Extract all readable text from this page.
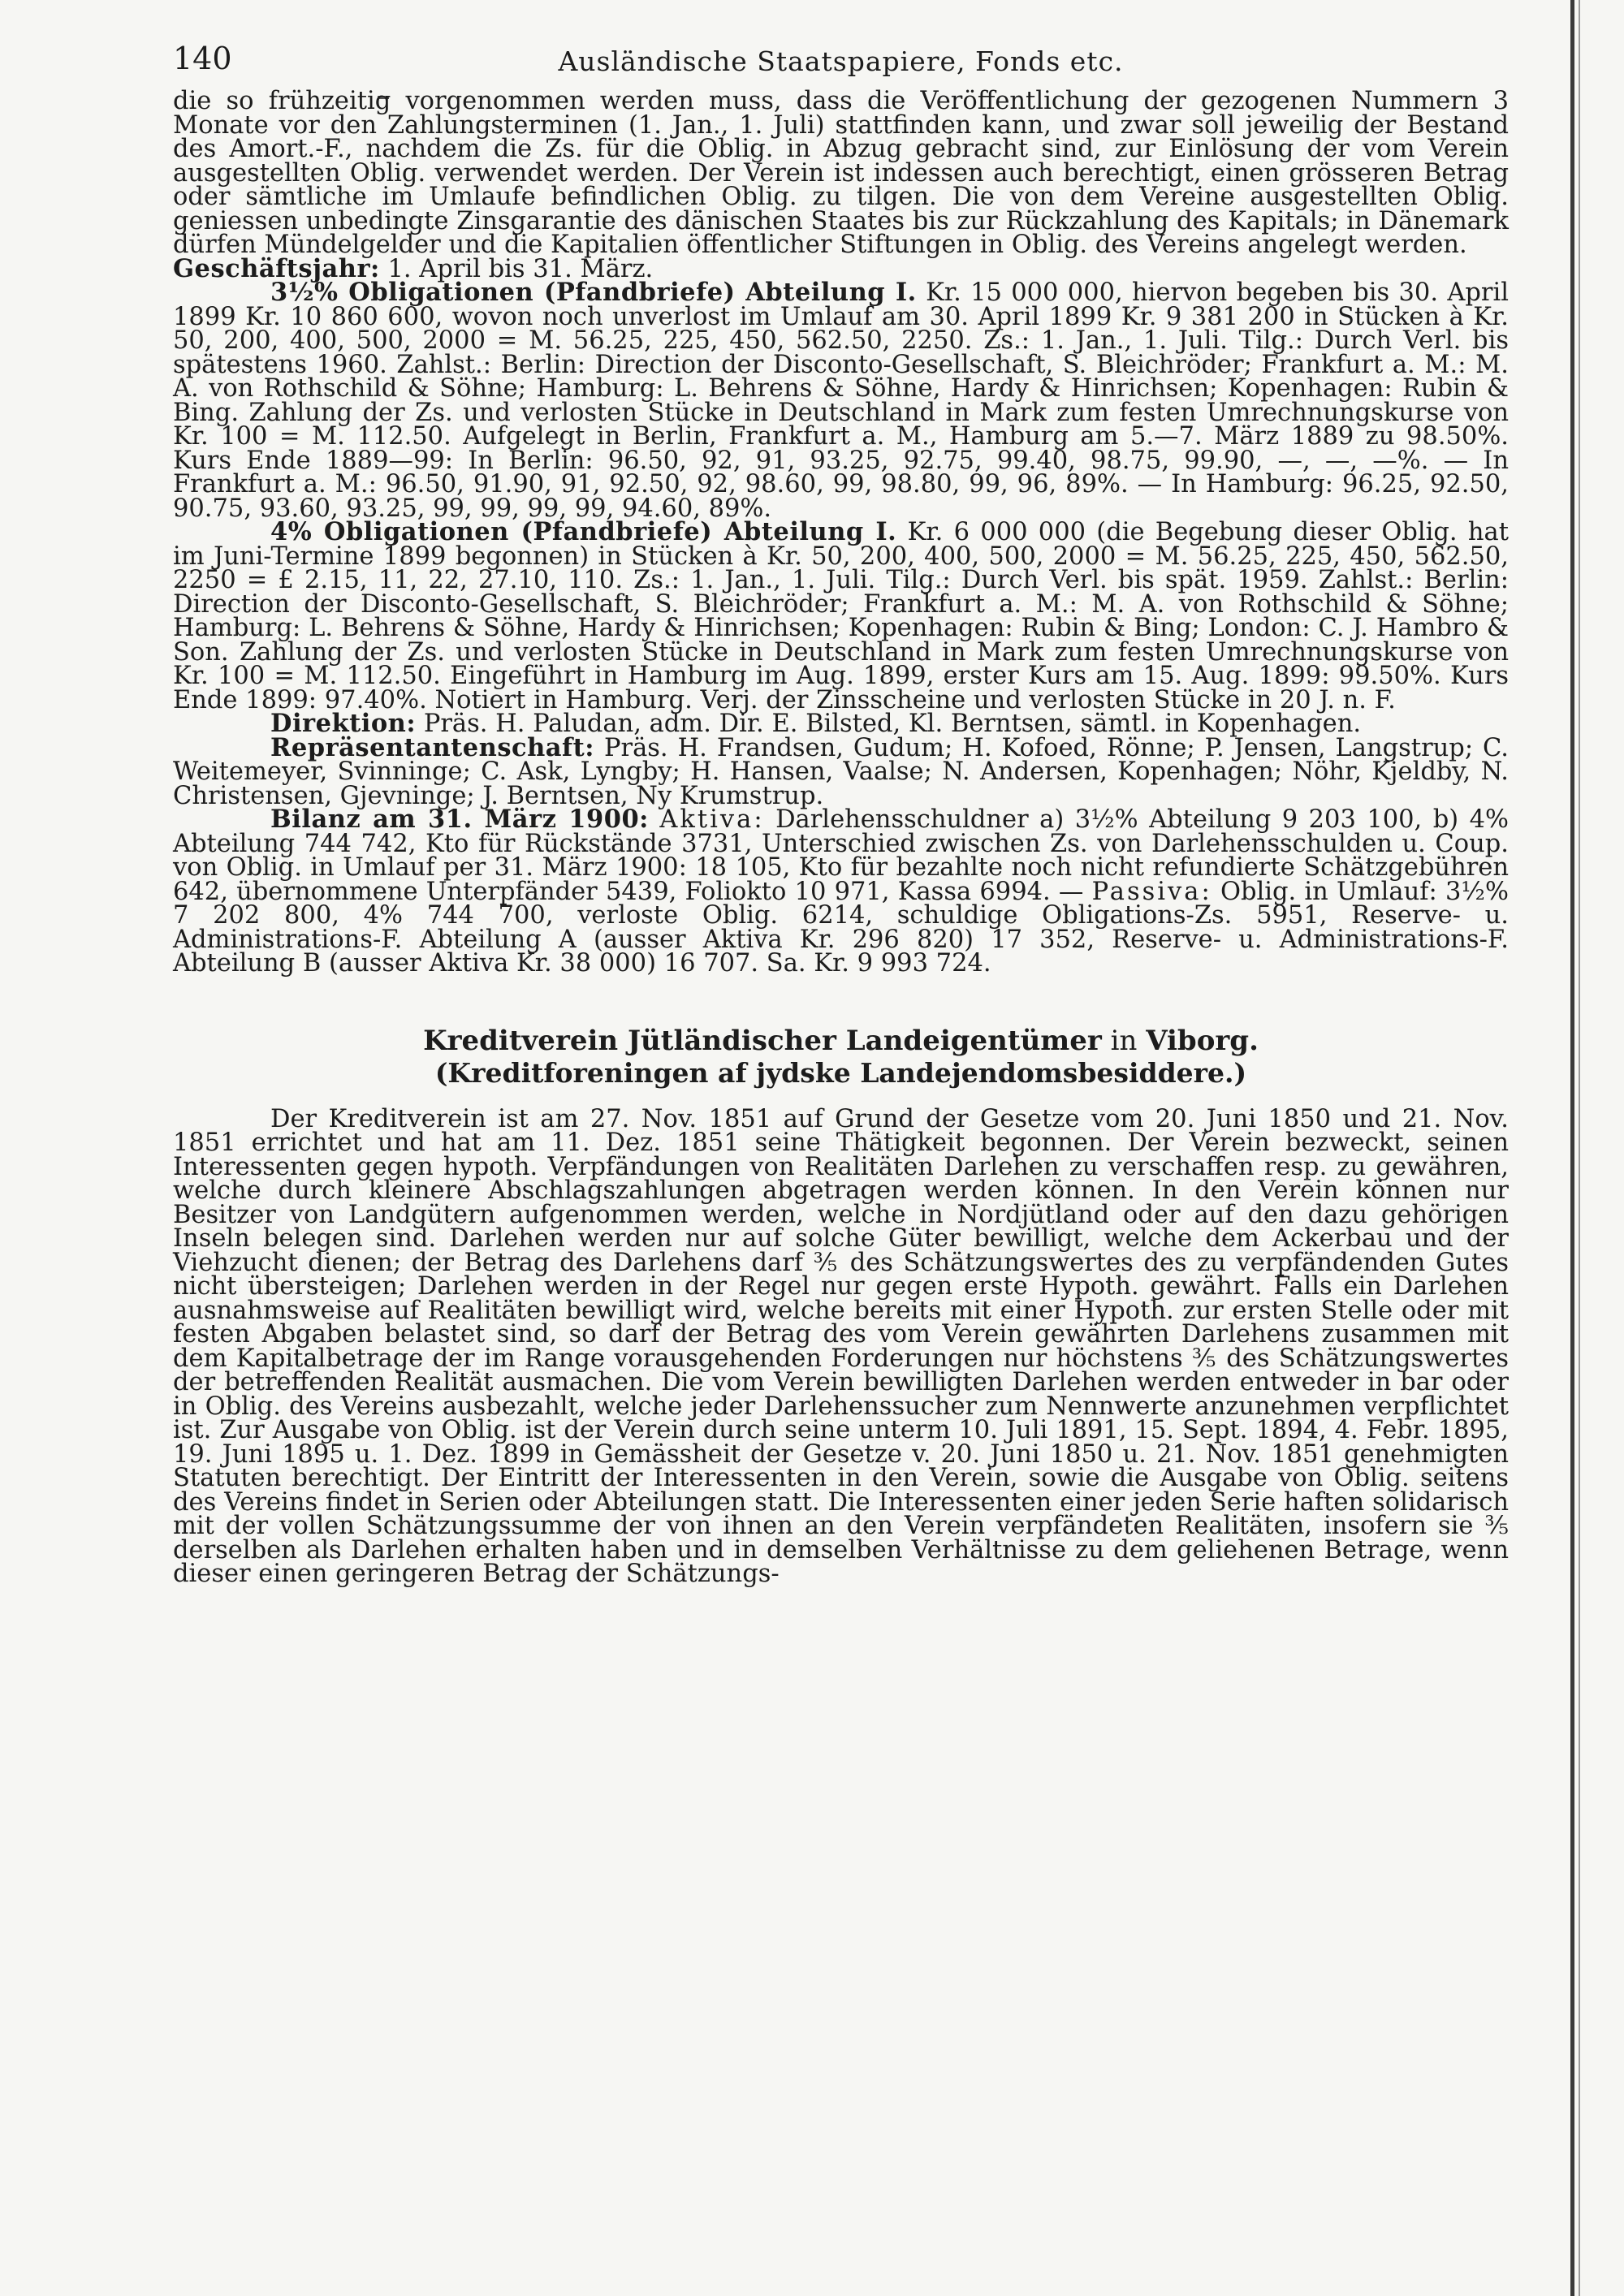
140	Ausländische Staatspapiere, Fonds etc.

die so frühzeitig vorgenommen werden muss, dass die Veröffentlichung der gezogenen Nummern 3 Monate vor den Zahlungsterminen (1. Jan., 1. Juli) stattfinden kann, und zwar soll jeweilig der Bestand des Amort.-F., nachdem die Zs. für die Oblig. in Abzug gebracht sind, zur Einlösung der vom Verein ausgestellten Oblig. verwendet werden. Der Verein ist indessen auch berechtigt, einen grösseren Betrag oder sämtliche im Umlaufe befindlichen Oblig. zu tilgen. Die von dem Vereine ausgestellten Oblig. geniessen unbedingte Zinsgarantie des dänischen Staates bis zur Rückzahlung des Kapitals; in Dänemark dürfen Mündelgelder und die Kapitalien öffentlicher Stiftungen in Oblig. des Vereins angelegt werden.

Geschäftsjahr: 1. April bis 31. März.

3½% Obligationen (Pfandbriefe) Abteilung I. Kr. 15 000 000, hiervon begeben bis 30. April 1899 Kr. 10 860 600, wovon noch unverlost im Umlauf am 30. April 1899 Kr. 9 381 200 in Stücken à Kr. 50, 200, 400, 500, 2000 = M. 56.25, 225, 450, 562.50, 2250. Zs.: 1. Jan., 1. Juli. Tilg.: Durch Verl. bis spätestens 1960. Zahlst.: Berlin: Direction der Disconto-Gesellschaft, S. Bleichröder; Frankfurt a. M.: M. A. von Rothschild & Söhne; Hamburg: L. Behrens & Söhne, Hardy & Hinrichsen; Kopenhagen: Rubin & Bing. Zahlung der Zs. und verlosten Stücke in Deutschland in Mark zum festen Umrechnungskurse von Kr. 100 = M. 112.50. Aufgelegt in Berlin, Frankfurt a. M., Hamburg am 5.—7. März 1889 zu 98.50%. Kurs Ende 1889—99: In Berlin: 96.50, 92, 91, 93.25, 92.75, 99.40, 98.75, 99.90, —, —, —%. — In Frankfurt a. M.: 96.50, 91.90, 91, 92.50, 92, 98.60, 99, 98.80, 99, 96, 89%. — In Hamburg: 96.25, 92.50, 90.75, 93.60, 93.25, 99, 99, 99, 99, 94.60, 89%.

4% Obligationen (Pfandbriefe) Abteilung I. Kr. 6 000 000 (die Begebung dieser Oblig. hat im Juni-Termine 1899 begonnen) in Stücken à Kr. 50, 200, 400, 500, 2000 = M. 56.25, 225, 450, 562.50, 2250 = £ 2.15, 11, 22, 27.10, 110. Zs.: 1. Jan., 1. Juli. Tilg.: Durch Verl. bis spät. 1959. Zahlst.: Berlin: Direction der Disconto-Gesellschaft, S. Bleichröder; Frankfurt a. M.: M. A. von Rothschild & Söhne; Hamburg: L. Behrens & Söhne, Hardy & Hinrichsen; Kopenhagen: Rubin & Bing; London: C. J. Hambro & Son. Zahlung der Zs. und verlosten Stücke in Deutschland in Mark zum festen Umrechnungskurse von Kr. 100 = M. 112.50. Eingeführt in Hamburg im Aug. 1899, erster Kurs am 15. Aug. 1899: 99.50%. Kurs Ende 1899: 97.40%. Notiert in Hamburg. Verj. der Zinsscheine und verlosten Stücke in 20 J. n. F.

Direktion: Präs. H. Paludan, adm. Dir. E. Bilsted, Kl. Berntsen, sämtl. in Kopenhagen.

Repräsentantenschaft: Präs. H. Frandsen, Gudum; H. Kofoed, Rönne; P. Jensen, Langstrup; C. Weitemeyer, Svinninge; C. Ask, Lyngby; H. Hansen, Vaalse; N. Andersen, Kopenhagen; Nöhr, Kjeldby, N. Christensen, Gjevninge; J. Berntsen, Ny Krumstrup.

Bilanz am 31. März 1900: Aktiva: Darlehensschuldner a) 3½% Abteilung 9 203 100, b) 4% Abteilung 744 742, Kto für Rückstände 3731, Unterschied zwischen Zs. von Darlehensschulden u. Coup. von Oblig. in Umlauf per 31. März 1900: 18 105, Kto für bezahlte noch nicht refundierte Schätzgebühren 642, übernommene Unterpfänder 5439, Foliokto 10 971, Kassa 6994. — Passiva: Oblig. in Umlauf: 3½% 7 202 800, 4% 744 700, verloste Oblig. 6214, schuldige Obligations-Zs. 5951, Reserve- u. Administrations-F. Abteilung A (ausser Aktiva Kr. 296 820) 17 352, Reserve- u. Administrations-F. Abteilung B (ausser Aktiva Kr. 38 000) 16 707. Sa. Kr. 9 993 724.

Kreditverein Jütländischer Landeigentümer in Viborg.
(Kreditforeningen af jydske Landejendomsbesiddere.)

Der Kreditverein ist am 27. Nov. 1851 auf Grund der Gesetze vom 20. Juni 1850 und 21. Nov. 1851 errichtet und hat am 11. Dez. 1851 seine Thätigkeit begonnen. Der Verein bezweckt, seinen Interessenten gegen hypoth. Verpfändungen von Realitäten Darlehen zu verschaffen resp. zu gewähren, welche durch kleinere Abschlagszahlungen abgetragen werden können. In den Verein können nur Besitzer von Landgütern aufgenommen werden, welche in Nordjütland oder auf den dazu gehörigen Inseln belegen sind. Darlehen werden nur auf solche Güter bewilligt, welche dem Ackerbau und der Viehzucht dienen; der Betrag des Darlehens darf ⅗ des Schätzungswertes des zu verpfändenden Gutes nicht übersteigen; Darlehen werden in der Regel nur gegen erste Hypoth. gewährt. Falls ein Darlehen ausnahmsweise auf Realitäten bewilligt wird, welche bereits mit einer Hypoth. zur ersten Stelle oder mit festen Abgaben belastet sind, so darf der Betrag des vom Verein gewährten Darlehens zusammen mit dem Kapitalbetrage der im Range vorausgehenden Forderungen nur höchstens ⅗ des Schätzungswertes der betreffenden Realität ausmachen. Die vom Verein bewilligten Darlehen werden entweder in bar oder in Oblig. des Vereins ausbezahlt, welche jeder Darlehenssucher zum Nennwerte anzunehmen verpflichtet ist. Zur Ausgabe von Oblig. ist der Verein durch seine unterm 10. Juli 1891, 15. Sept. 1894, 4. Febr. 1895, 19. Juni 1895 u. 1. Dez. 1899 in Gemässheit der Gesetze v. 20. Juni 1850 u. 21. Nov. 1851 genehmigten Statuten berechtigt. Der Eintritt der Interessenten in den Verein, sowie die Ausgabe von Oblig. seitens des Vereins findet in Serien oder Abteilungen statt. Die Interessenten einer jeden Serie haften solidarisch mit der vollen Schätzungssumme der von ihnen an den Verein verpfändeten Realitäten, insofern sie ⅗ derselben als Darlehen erhalten haben und in demselben Verhältnisse zu dem geliehenen Betrage, wenn dieser einen geringeren Betrag der Schätzungs-
